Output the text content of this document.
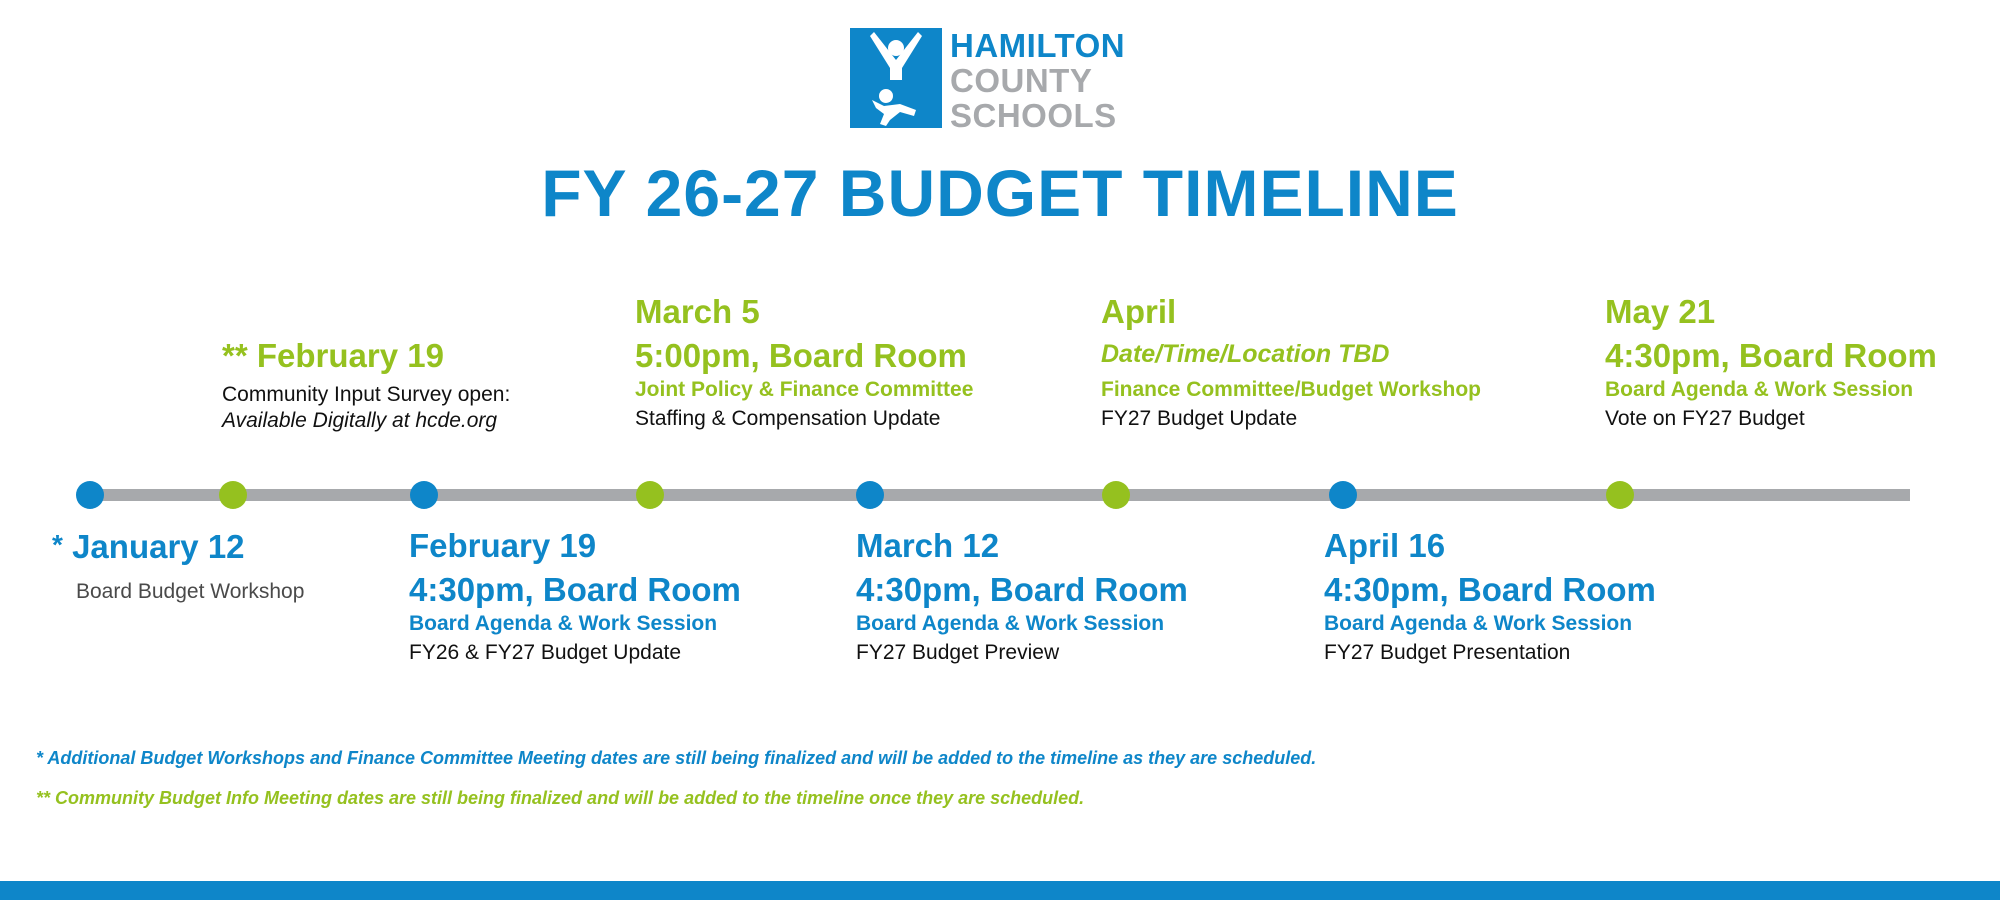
HAMILTON
COUNTY
SCHOOLS
FY 26-27 BUDGET TIMELINE
** February 19
Community Input Survey open:
Available Digitally at hcde.org
March 5
5:00pm, Board Room
Joint Policy & Finance Committee
Staffing & Compensation Update
April
Date/Time/Location TBD
Finance Committee/Budget Workshop
FY27 Budget Update
May 21
4:30pm, Board Room
Board Agenda & Work Session
Vote on FY27 Budget
* January 12
Board Budget Workshop
February 19
4:30pm, Board Room
Board Agenda & Work Session
FY26 & FY27 Budget Update
March 12
4:30pm, Board Room
Board Agenda & Work Session
FY27 Budget Preview
April 16
4:30pm, Board Room
Board Agenda & Work Session
FY27 Budget Presentation
* Additional Budget Workshops and Finance Committee Meeting dates are still being finalized and will be added to the timeline as they are scheduled.
** Community Budget Info Meeting dates are still being finalized and will be added to the timeline once they are scheduled.
